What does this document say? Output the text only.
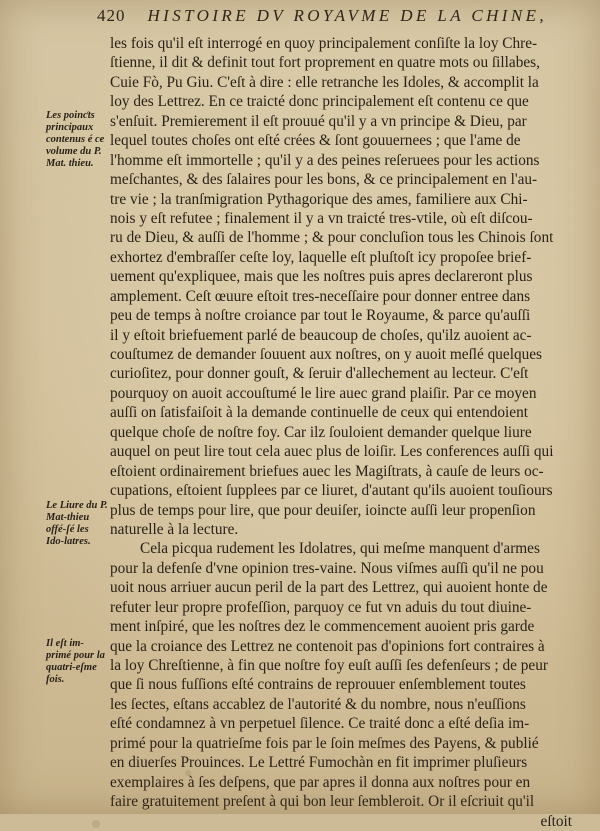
420 HISTOIRE DV ROYAVME DE LA CHINE,
Les poinƈts principaux contenus é ce volume du P. Mat. thieu.
Le Liure du P. Mat-thieu offé-ſé les Ido-latres.
Il eſt im-primé pour la quatri-eſme fois.
les fois qu'il eſt interrogé en quoy principalement conſiſte la loy Chre-
ſtienne, il dit & definit tout fort proprement en quatre mots ou ſillabes,
Cuie Fò, Pu Giu. C'eſt à dire : elle retranche les Idoles, & accomplit la
loy des Lettrez. En ce traicté donc principalement eſt contenu ce que
s'enſuit. Premierement il eſt prouué qu'il y a vn principe & Dieu, par
lequel toutes choſes ont eſté crées & ſont gouuernees ; que l'ame de
l'homme eſt immortelle ; qu'il y a des peines reſeruees pour les actions
meſchantes, & des ſalaires pour les bons, & ce principalement en l'au-
tre vie ; la tranſmigration Pythagorique des ames, familiere aux Chi-
nois y eſt refutee ; finalement il y a vn traicté tres-vtile, où eſt diſcou-
ru de Dieu, & auſſi de l'homme ; & pour concluſion tous les Chinois ſont
exhortez d'embraſſer ceſte loy, laquelle eſt pluſtoſt icy propoſee brief-
uement qu'expliquee, mais que les noſtres puis apres declareront plus
amplement. Ceſt œuure eſtoit tres-neceſſaire pour donner entree dans
peu de temps à noſtre croiance par tout le Royaume, & parce qu'auſſi
il y eſtoit briefuement parlé de beaucoup de choſes, qu'ilz auoient ac-
couſtumez de demander ſouuent aux noſtres, on y auoit meſlé quelques
curioſitez, pour donner gouſt, & ſeruir d'allechement au lecteur. C'eſt
pourquoy on auoit accouſtumé le lire auec grand plaiſir. Par ce moyen
auſſi on ſatisfaiſoit à la demande continuelle de ceux qui entendoient
quelque choſe de noſtre foy. Car ilz ſouloient demander quelque liure
auquel on peut lire tout cela auec plus de loiſir. Les conferences auſſi qui
eſtoient ordinairement briefues auec les Magiſtrats, à cauſe de leurs oc-
cupations, eſtoient ſupplees par ce liuret, d'autant qu'ils auoient touſiours
plus de temps pour lire, que pour deuiſer, ioincte auſſi leur propenſion
naturelle à la lecture.
Cela picqua rudement les Idolatres, qui meſme manquent d'armes
pour la defenſe d'vne opinion tres-vaine. Nous viſmes auſſi qu'il ne pou
uoit nous arriuer aucun peril de la part des Lettrez, qui auoient honte de
refuter leur propre profeſſion, parquoy ce fut vn aduis du tout diuine-
ment inſpiré, que les noſtres dez le commencement auoient pris garde
que la croiance des Lettrez ne contenoit pas d'opinions fort contraires à
la loy Chreſtienne, à fin que noſtre foy euſt auſſi ſes defenſeurs ; de peur
que ſi nous fuſſions eſté contrains de reprouuer enſemblement toutes
les ſectes, eſtans accablez de l'autorité & du nombre, nous n'euſſions
eſté condamnez à vn perpetuel ſilence. Ce traité donc a eſté deſia im-
primé pour la quatrieſme fois par le ſoin meſmes des Payens, & publié
en diuerſes Prouinces. Le Lettré Fumochàn en fit imprimer pluſieurs
exemplaires à ſes deſpens, que par apres il donna aux noſtres pour en
faire gratuitement preſent à qui bon leur ſembleroit. Or il eſcriuit qu'il
eſtoit
